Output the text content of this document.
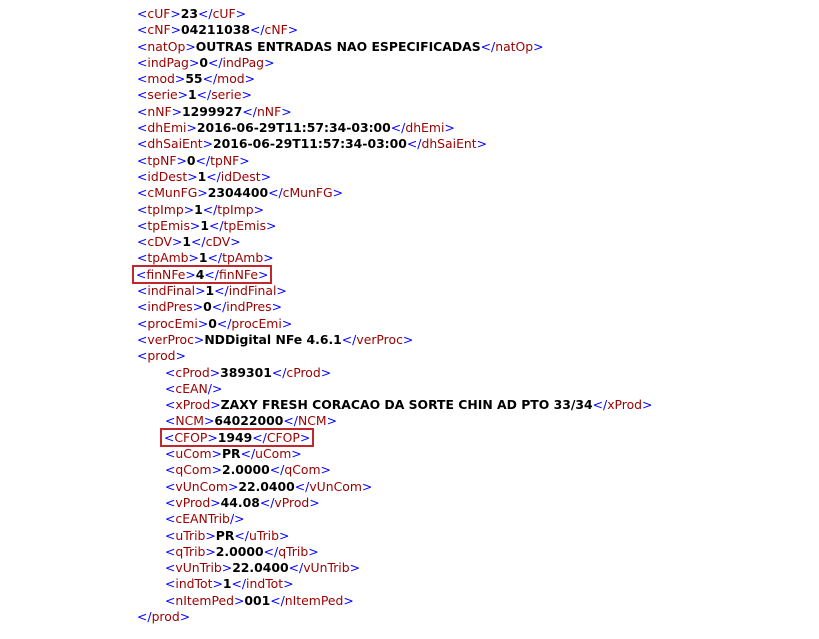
<cUF>23</cUF>
<cNF>04211038</cNF>
<natOp>OUTRAS ENTRADAS NAO ESPECIFICADAS</natOp>
<indPag>0</indPag>
<mod>55</mod>
<serie>1</serie>
<nNF>1299927</nNF>
<dhEmi>2016-06-29T11:57:34-03:00</dhEmi>
<dhSaiEnt>2016-06-29T11:57:34-03:00</dhSaiEnt>
<tpNF>0</tpNF>
<idDest>1</idDest>
<cMunFG>2304400</cMunFG>
<tpImp>1</tpImp>
<tpEmis>1</tpEmis>
<cDV>1</cDV>
<tpAmb>1</tpAmb>
<finNFe>4</finNFe>
<indFinal>1</indFinal>
<indPres>0</indPres>
<procEmi>0</procEmi>
<verProc>NDDigital NFe 4.6.1</verProc>
<prod>
<cProd>389301</cProd>
<cEAN/>
<xProd>ZAXY FRESH CORACAO DA SORTE CHIN AD PTO 33/34</xProd>
<NCM>64022000</NCM>
<CFOP>1949</CFOP>
<uCom>PR</uCom>
<qCom>2.0000</qCom>
<vUnCom>22.0400</vUnCom>
<vProd>44.08</vProd>
<cEANTrib/>
<uTrib>PR</uTrib>
<qTrib>2.0000</qTrib>
<vUnTrib>22.0400</vUnTrib>
<indTot>1</indTot>
<nItemPed>001</nItemPed>
</prod>
